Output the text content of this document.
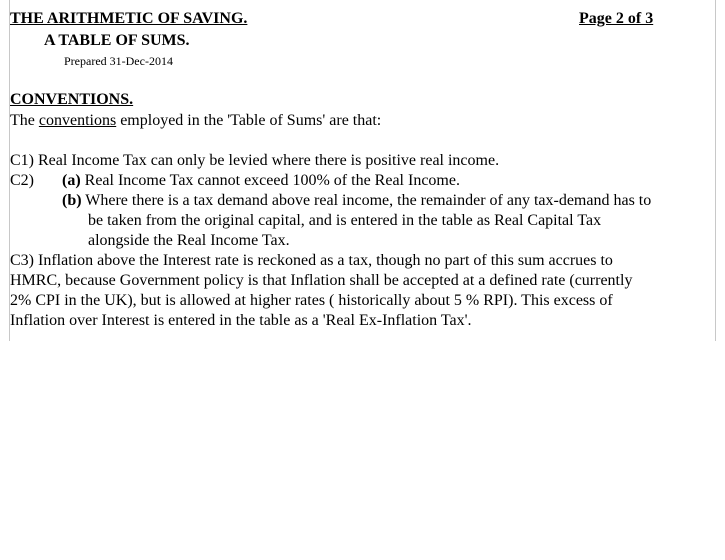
THE ARITHMETIC OF SAVING.
A TABLE OF SUMS.
Page 2 of 3
Prepared 31-Dec-2014
CONVENTIONS.
The conventions employed in the 'Table of Sums' are that:
C1) Real Income Tax can only be levied where there is positive real income.
C2) (a) Real Income Tax cannot exceed 100% of the Real Income.
(b) Where there is a tax demand above real income, the remainder of any tax-demand has to
be taken from the original capital, and is entered in the table as Real Capital Tax
alongside the Real Income Tax.
C3) Inflation above the Interest rate is reckoned as a tax, though no part of this sum accrues to
HMRC, because Government policy is that Inflation shall be accepted at a defined rate (currently
2% CPI in the UK), but is allowed at higher rates ( historically about 5 % RPI). This excess of
Inflation over Interest is entered in the table as a 'Real Ex-Inflation Tax'.
